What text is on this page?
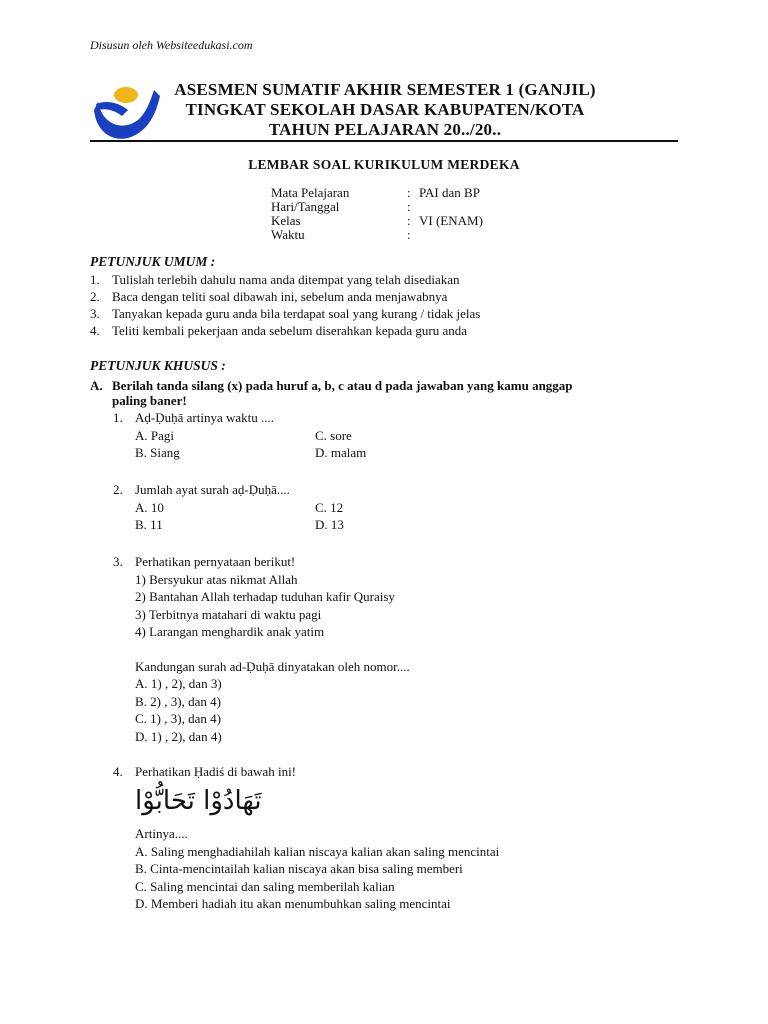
Disusun oleh Websiteedukasi.com
ASESMEN SUMATIF AKHIR SEMESTER 1 (GANJIL)
TINGKAT SEKOLAH DASAR KABUPATEN/KOTA
TAHUN PELAJARAN 20../20..
LEMBAR SOAL KURIKULUM MERDEKA
Mata Pelajaran	: PAI dan BP
Hari/Tanggal	:
Kelas	: VI (ENAM)
Waktu	:
PETUNJUK UMUM :
1. Tulislah terlebih dahulu nama anda ditempat yang telah disediakan
2. Baca dengan teliti soal dibawah ini, sebelum anda menjawabnya
3. Tanyakan kepada guru anda bila terdapat soal yang kurang / tidak jelas
4. Teliti kembali pekerjaan anda sebelum diserahkan kepada guru anda
PETUNJUK KHUSUS :
A. Berilah tanda silang (x) pada huruf a, b, c atau d pada jawaban yang kamu anggap
paling baner!
1. Aḍ-Ḍuḥā artinya waktu ....
A. Pagi	C. sore
B. Siang	D. malam
2. Jumlah ayat surah aḍ-Ḍuḥā....
A. 10	C. 12
B. 11	D. 13
3. Perhatikan pernyataan berikut!
1) Bersyukur atas nikmat Allah
2) Bantahan Allah terhadap tuduhan kafir Quraisy
3) Terbitnya matahari di waktu pagi
4) Larangan menghardik anak yatim
Kandungan surah ad-Ḍuḥā dinyatakan oleh nomor....
A. 1) , 2), dan 3)
B. 2) , 3), dan 4)
C. 1) , 3), dan 4)
D. 1) , 2), dan 4)
4. Perhatikan Ḥadiś di bawah ini!
تَهَادُوْا تَحَابُّوْا
Artinya....
A. Saling menghadiahilah kalian niscaya kalian akan saling mencintai
B. Cinta-mencintailah kalian niscaya akan bisa saling memberi
C. Saling mencintai dan saling memberilah kalian
D. Memberi hadiah itu akan menumbuhkan saling mencintai
